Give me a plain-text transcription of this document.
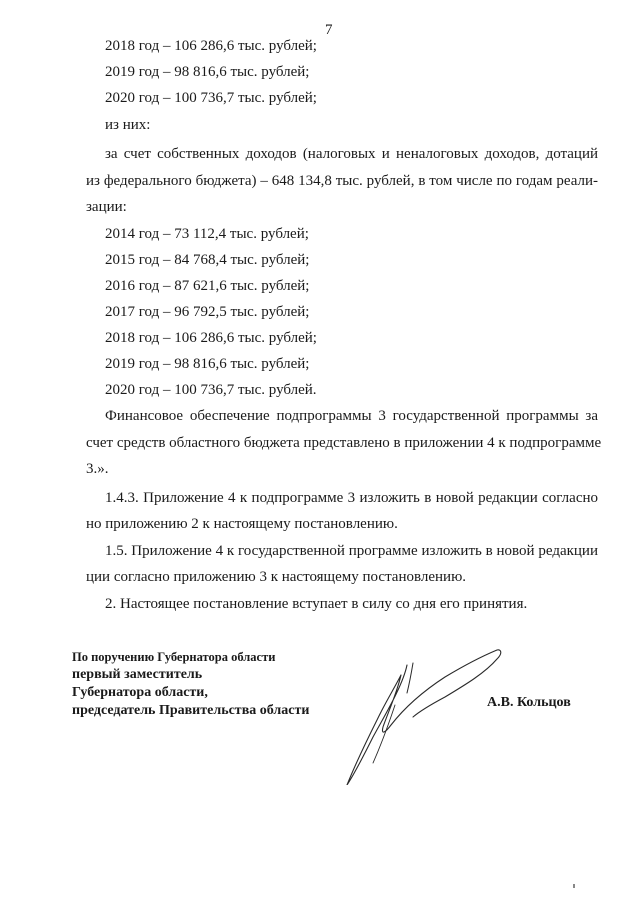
7
2018 год – 106 286,6 тыс. рублей;
2019 год – 98 816,6 тыс. рублей;
2020 год – 100 736,7 тыс. рублей;
из них:
за счет собственных доходов (налоговых и неналоговых доходов, дотаций
из федерального бюджета) – 648 134,8 тыс. рублей, в том числе по годам реали-
зации:
2014 год – 73 112,4 тыс. рублей;
2015 год – 84 768,4 тыс. рублей;
2016 год – 87 621,6 тыс. рублей;
2017 год – 96 792,5 тыс. рублей;
2018 год – 106 286,6 тыс. рублей;
2019 год – 98 816,6 тыс. рублей;
2020 год – 100 736,7 тыс. рублей.
Финансовое обеспечение подпрограммы 3 государственной программы за
счет средств областного бюджета представлено в приложении 4 к подпрограмме
3.».
1.4.3. Приложение 4 к подпрограмме 3 изложить в новой редакции согласно
но приложению 2 к настоящему постановлению.
1.5. Приложение 4 к государственной программе изложить в новой редакции
ции согласно приложению 3 к настоящему постановлению.
2. Настоящее постановление вступает в силу со дня его принятия.
По поручению Губернатора области
первый заместитель
Губернатора области,
председатель Правительства области
А.В. Кольцов
